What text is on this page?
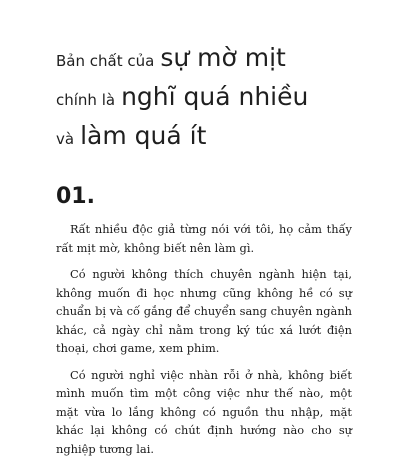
Bản chất của sự mờ mịt
chính là nghĩ quá nhiều
và làm quá ít
01.

Rất nhiều độc giả từng nói với tôi, họ cảm thấy rất mịt mờ, không biết nên làm gì.

Có người không thích chuyên ngành hiện tại, không muốn đi học nhưng cũng không hề có sự chuẩn bị và cố gắng để chuyển sang chuyên ngành khác, cả ngày chỉ nằm trong ký túc xá lướt điện thoại, chơi game, xem phim.

Có người nghỉ việc nhàn rỗi ở nhà, không biết mình muốn tìm một công việc như thế nào, một mặt vừa lo lắng không có nguồn thu nhập, mặt khác lại không có chút định hướng nào cho sự nghiệp tương lai.
